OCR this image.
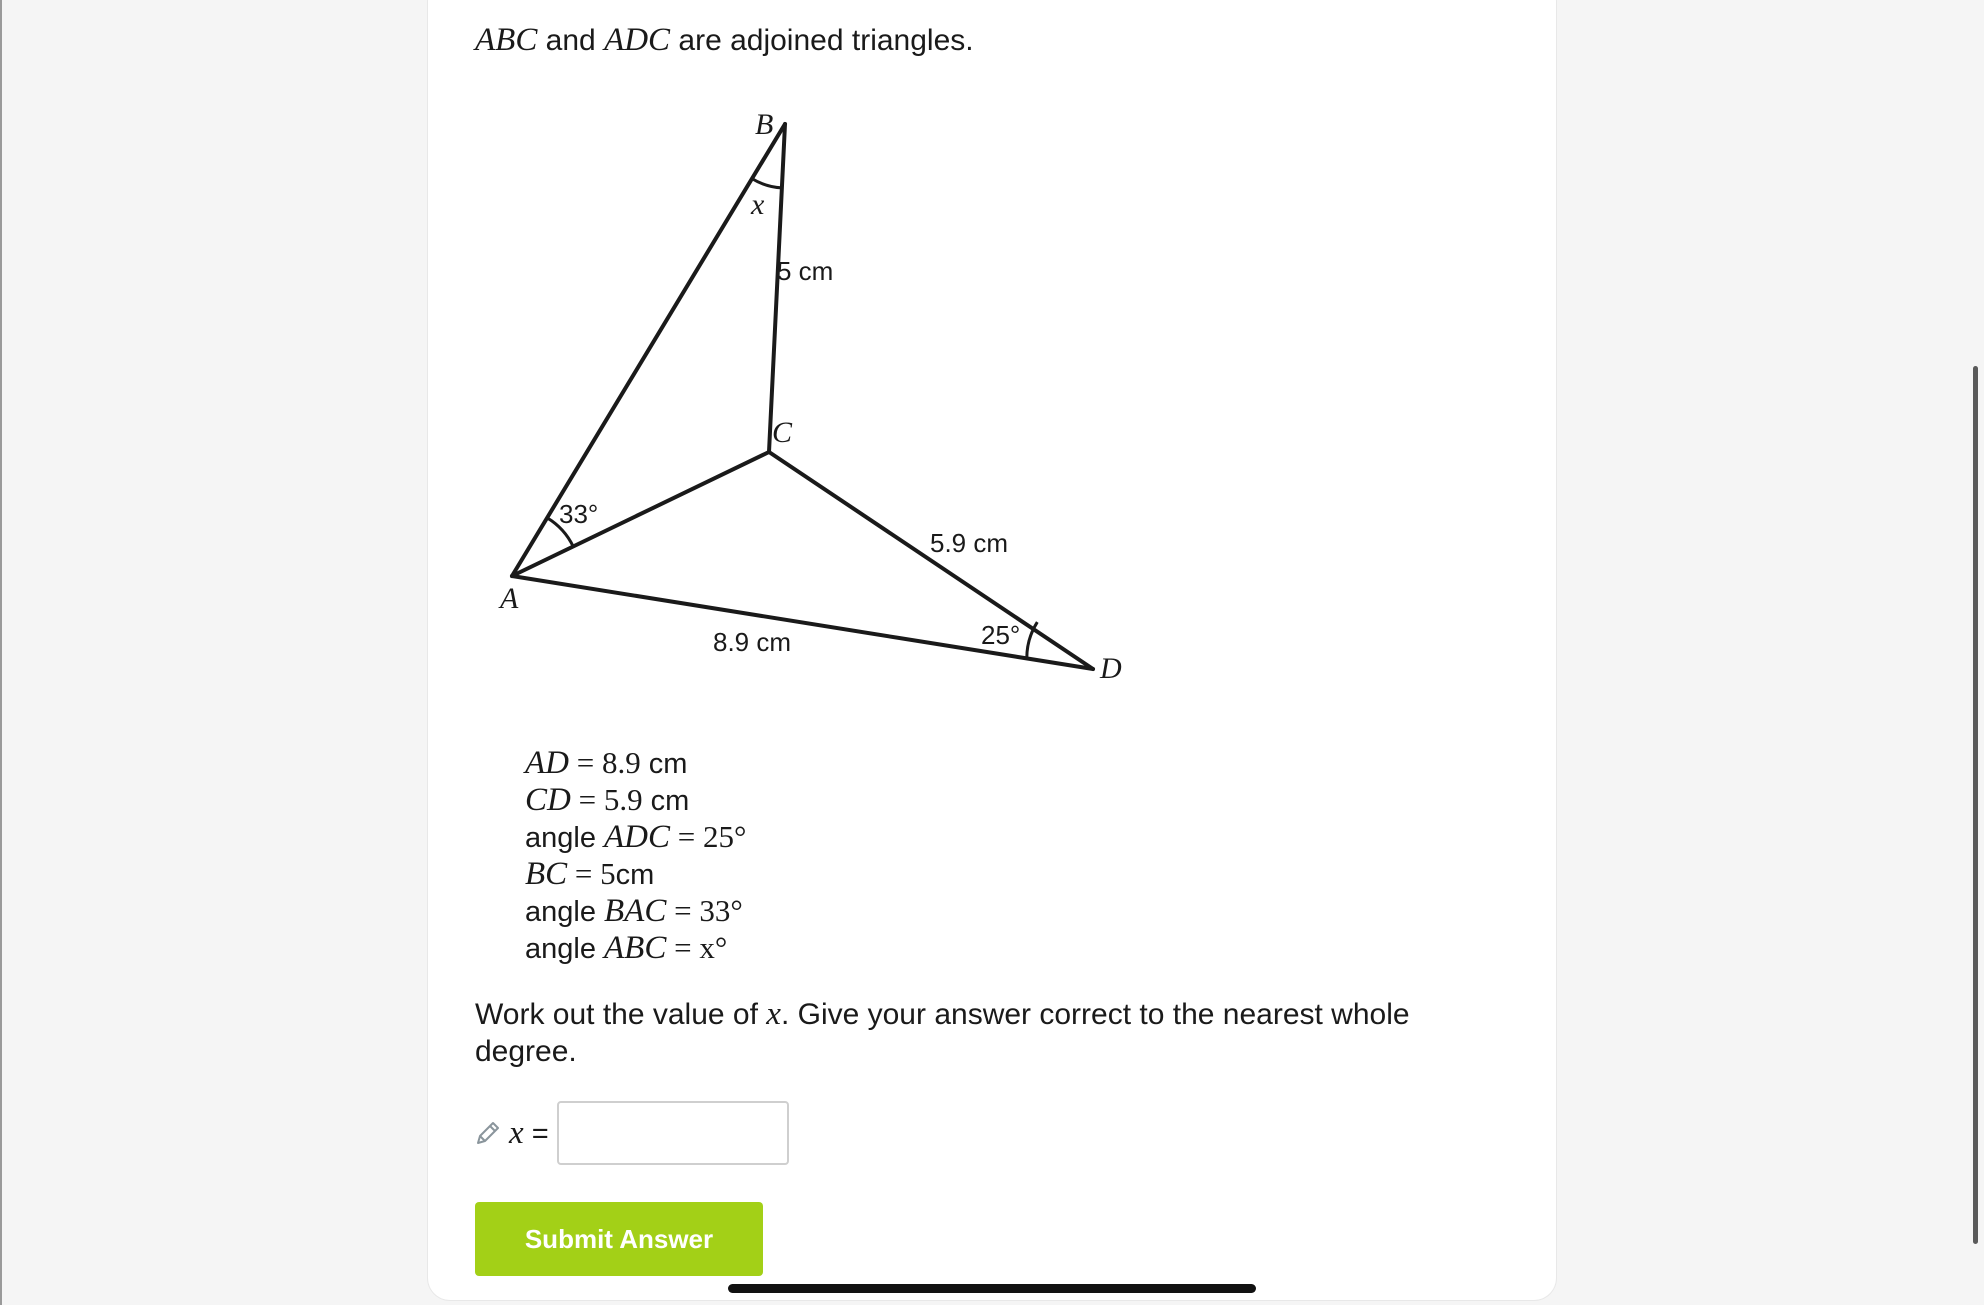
ABC and ADC are adjoined triangles.
B
C
A
D
x
33°
25°
5 cm
5.9 cm
8.9 cm
AD = 8.9 cm
CD = 5.9 cm
angle ADC = 25°
BC = 5cm
angle BAC = 33°
angle ABC = x°
Work out the value of x. Give your answer correct to the nearest whole degree.
x =
Submit Answer
